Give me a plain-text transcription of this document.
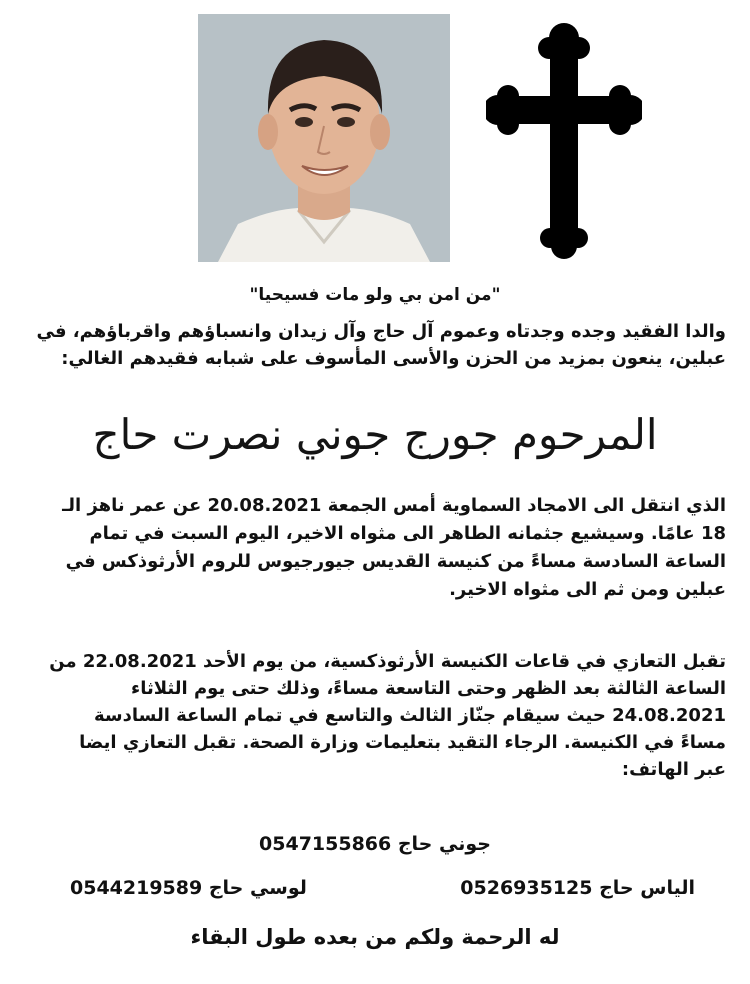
"من امن بي ولو مات فسيحيا"
والدا الفقيد وجده وجدتاه وعموم آل حاج وآل زيدان وانسباؤهم واقرباؤهم، في
عبلين، ينعون بمزيد من الحزن والأسى المأسوف على شبابه فقيدهم الغالي:
المرحوم جورج جوني نصرت حاج
الذي انتقل الى الامجاد السماوية أمس الجمعة 20.08.2021 عن عمر ناهز الـ
18 عامًا. وسيشيع جثمانه الطاهر الى مثواه الاخير، اليوم السبت في تمام
الساعة السادسة مساءً من كنيسة القديس جيورجيوس للروم الأرثوذكس في
عبلين ومن ثم الى مثواه الاخير.
تقبل التعازي في قاعات الكنيسة الأرثوذكسية، من يوم الأحد 22.08.2021 من
الساعة الثالثة بعد الظهر وحتى التاسعة مساءً، وذلك حتى يوم الثلاثاء
24.08.2021 حيث سيقام جنّاز الثالث والتاسع في تمام الساعة السادسة
مساءً في الكنيسة. الرجاء التقيد بتعليمات وزارة الصحة. تقبل التعازي ايضا
عبر الهاتف:
جوني حاج 0547155866
الياس حاج 0526935125
لوسي حاج 0544219589
له الرحمة ولكم من بعده طول البقاء
